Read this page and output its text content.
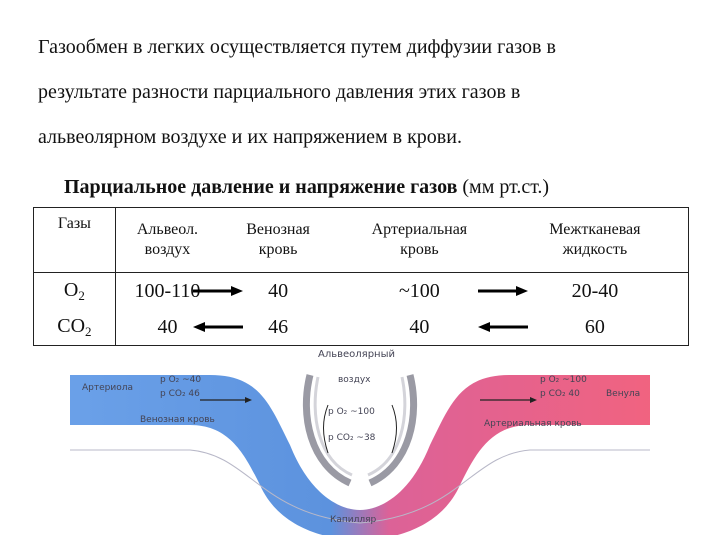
Газообмен в легких осуществляется путем диффузии газов в
результате разности парциального давления этих газов в
альвеолярном воздухе и их напряжением в крови.
Парциальное давление и напряжение газов (мм рт.ст.)
Газы	Альвеол. воздух	Венозная кровь	Артериальная кровь	Межтканевая жидкость
$O_2$	100-110	40	~100	20-40
$CO_2$	40	46	40	60
Альвеолярный
воздух
p O₂ ~100
p CO₂ ~38
Артериола
p O₂ ~40
p CO₂ 46
Венозная кровь
p O₂ ~100
p CO₂ 40	Венула
Артериальная кровь
Капилляр
